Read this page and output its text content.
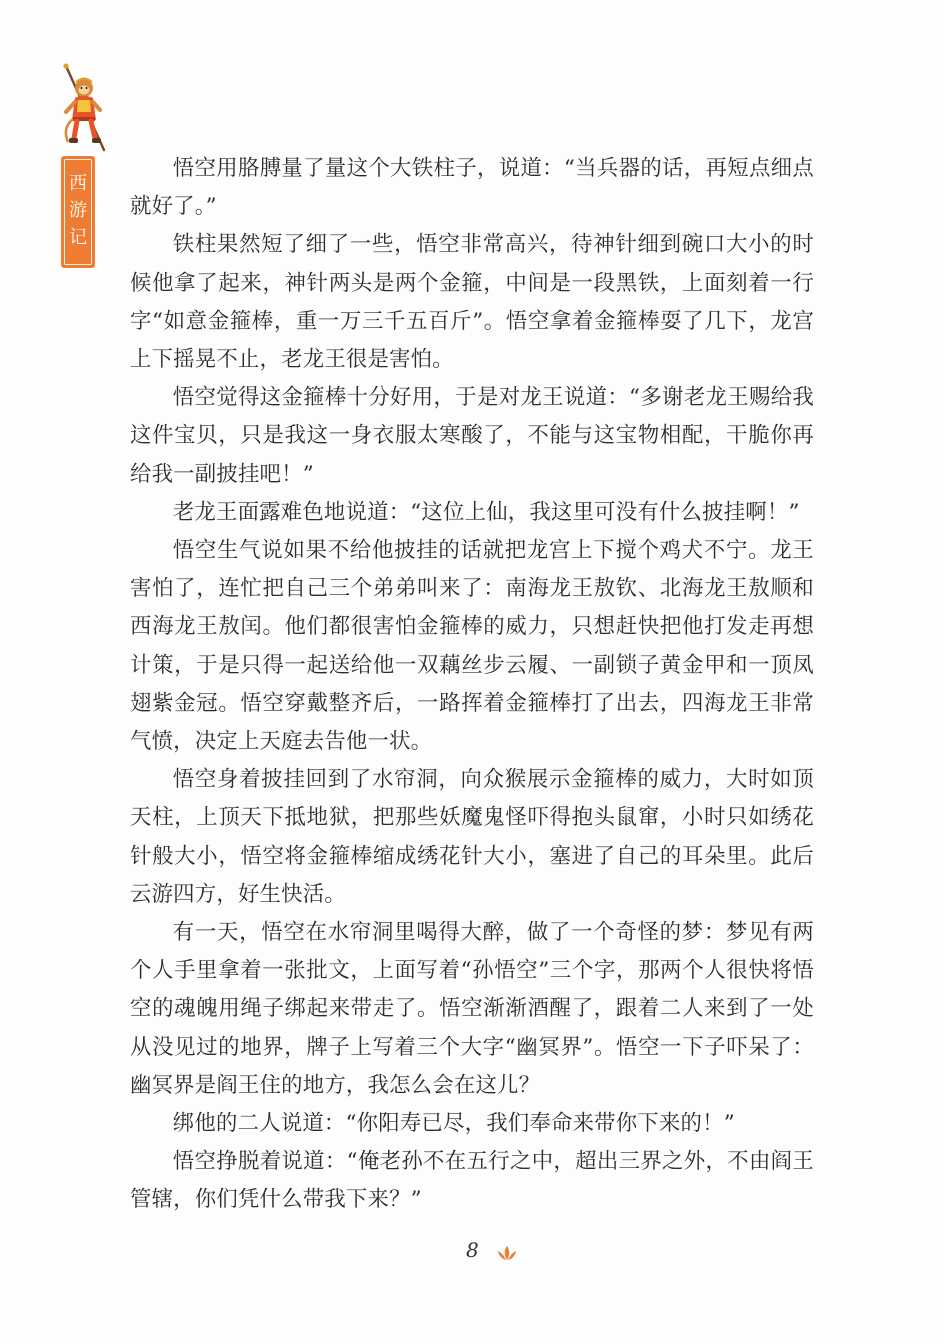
西
游
记

悟空用胳膊量了量这个大铁柱子，说道：“当兵器的话，再短点细点就好了。”

铁柱果然短了细了一些，悟空非常高兴，待神针细到碗口大小的时候他拿了起来，神针两头是两个金箍，中间是一段黑铁，上面刻着一行字“如意金箍棒，重一万三千五百斤”。悟空拿着金箍棒耍了几下，龙宫上下摇晃不止，老龙王很是害怕。

悟空觉得这金箍棒十分好用，于是对龙王说道：“多谢老龙王赐给我这件宝贝，只是我这一身衣服太寒酸了，不能与这宝物相配，干脆你再给我一副披挂吧！”

老龙王面露难色地说道：“这位上仙，我这里可没有什么披挂啊！”

悟空生气说如果不给他披挂的话就把龙宫上下搅个鸡犬不宁。龙王害怕了，连忙把自己三个弟弟叫来了：南海龙王敖钦、北海龙王敖顺和西海龙王敖闰。他们都很害怕金箍棒的威力，只想赶快把他打发走再想计策，于是只得一起送给他一双藕丝步云履、一副锁子黄金甲和一顶凤翅紫金冠。悟空穿戴整齐后，一路挥着金箍棒打了出去，四海龙王非常气愤，决定上天庭去告他一状。

悟空身着披挂回到了水帘洞，向众猴展示金箍棒的威力，大时如顶天柱，上顶天下抵地狱，把那些妖魔鬼怪吓得抱头鼠窜，小时只如绣花针般大小，悟空将金箍棒缩成绣花针大小，塞进了自己的耳朵里。此后云游四方，好生快活。

有一天，悟空在水帘洞里喝得大醉，做了一个奇怪的梦：梦见有两个人手里拿着一张批文，上面写着“孙悟空”三个字，那两个人很快将悟空的魂魄用绳子绑起来带走了。悟空渐渐酒醒了，跟着二人来到了一处从没见过的地界，牌子上写着三个大字“幽冥界”。悟空一下子吓呆了：幽冥界是阎王住的地方，我怎么会在这儿？

绑他的二人说道：“你阳寿已尽，我们奉命来带你下来的！”

悟空挣脱着说道：“俺老孙不在五行之中，超出三界之外，不由阎王管辖，你们凭什么带我下来？”

8
